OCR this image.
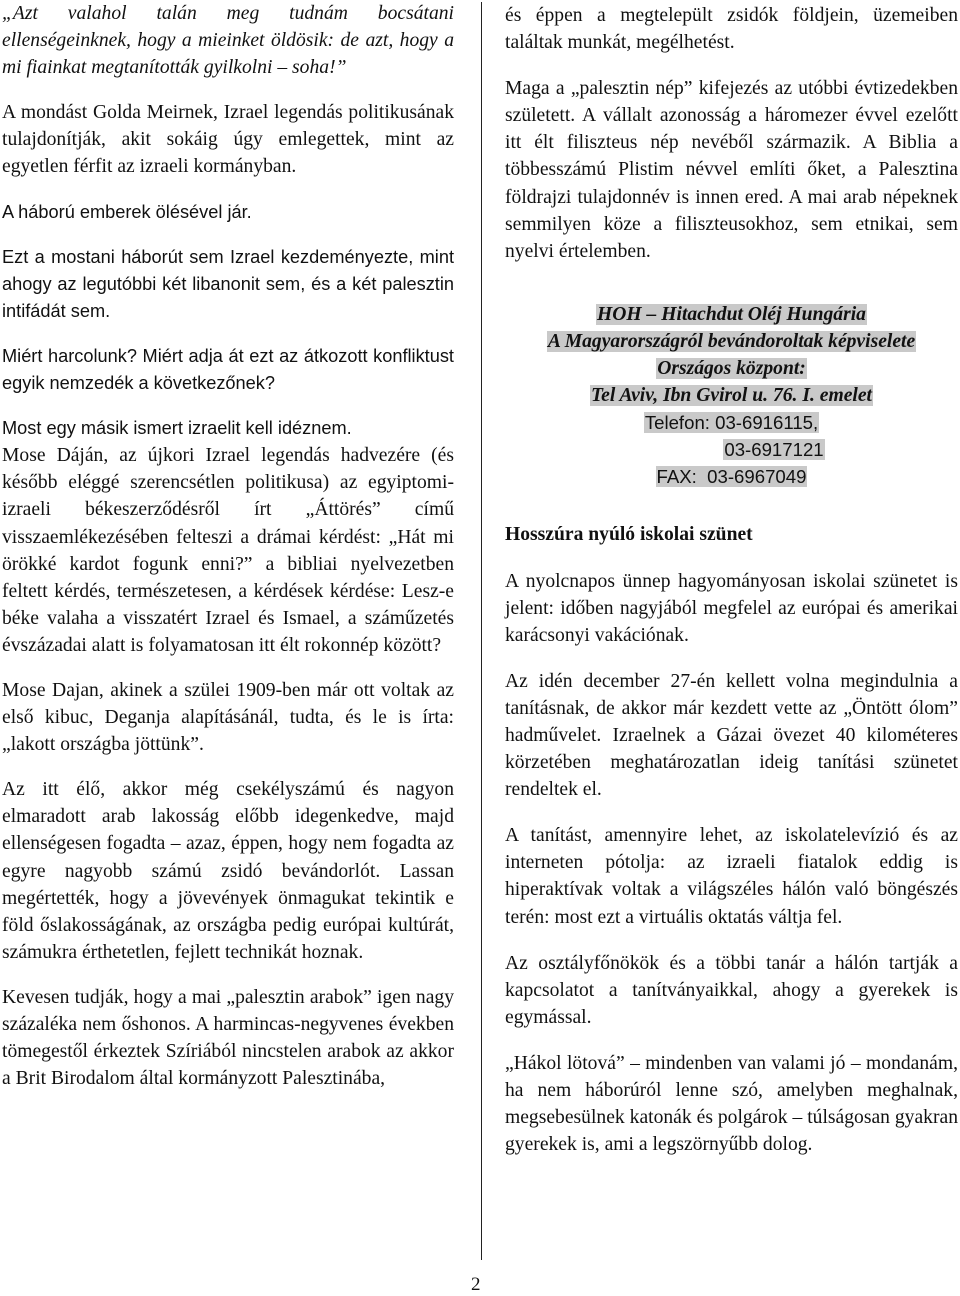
„Azt valahol talán meg tudnám bocsátani ellenségeinknek, hogy a mieinket öldösik: de azt, hogy a mi fiainkat megtanították gyilkolni – soha!”

A mondást Golda Meirnek, Izrael legendás politikusának tulajdonítják, akit sokáig úgy emlegettek, mint az egyetlen férfit az izraeli kormányban.

A háború emberek ölésével jár.

Ezt a mostani háborút sem Izrael kezdeményezte, mint ahogy az legutóbbi két libanonit sem, és a két palesztin intifádát sem.

Miért harcolunk? Miért adja át ezt az átkozott konfliktust egyik nemzedék a következőnek?

Most egy másik ismert izraelit kell idéznem.

Mose Dáján, az újkori Izrael legendás hadvezére (és később eléggé szerencsétlen politikusa) az egyiptomi-izraeli békeszerződésről írt „Áttörés” című visszaemlékezésében felteszi a drámai kérdést: „Hát mi örökké kardot fogunk enni?” a bibliai nyelvezetben feltett kérdés, természetesen, a kérdések kérdése: Lesz-e béke valaha a visszatért Izrael és Ismael, a száműzetés évszázadai alatt is folyamatosan itt élt rokonnép között?

Mose Dajan, akinek a szülei 1909-ben már ott voltak az első kibuc, Deganja alapításánál, tudta, és le is írta: „lakott országba jöttünk”.

Az itt élő, akkor még csekélyszámú és nagyon elmaradott arab lakosság előbb idegenkedve, majd ellenségesen fogadta – azaz, éppen, hogy nem fogadta az egyre nagyobb számú zsidó bevándorlót. Lassan megértették, hogy a jövevények önmagukat tekintik e föld őslakosságának, az országba pedig európai kultúrát, számukra érthetetlen, fejlett technikát hoznak.

Kevesen tudják, hogy a mai „palesztin arabok” igen nagy százaléka nem őshonos. A harmincas-negyvenes években tömegestől érkeztek Szíriából nincstelen arabok az akkor a Brit Birodalom által kormányzott Palesztinába,

és éppen a megtelepült zsidók földjein, üzemeiben találtak munkát, megélhetést.

Maga a „palesztin nép” kifejezés az utóbbi évtizedekben született. A vállalt azonosság a háromezer évvel ezelőtt itt élt filiszteus nép nevéből származik. A Biblia a többesszámú Plistim névvel említi őket, a Palesztina földrajzi tulajdonnév is innen ered. A mai arab népeknek semmilyen köze a filiszteusokhoz, sem etnikai, sem nyelvi értelemben.

HOH – Hitachdut Oléj Hungária
A Magyarországról bevándoroltak képviselete
Országos központ:
Tel Aviv, Ibn Gvirol u. 76. I. emelet
Telefon: 03-6916115,
03-6917121
FAX:  03-6967049
Hosszúra nyúló iskolai szünet

A nyolcnapos ünnep hagyományosan iskolai szünetet is jelent: időben nagyjából megfelel az európai és amerikai karácsonyi vakációnak.

Az idén december 27-én kellett volna megindulnia a tanításnak, de akkor már kezdett vette az „Öntött ólom” hadművelet. Izraelnek a Gázai övezet 40 kilométeres körzetében meghatározatlan ideig tanítási szünetet rendeltek el.

A tanítást, amennyire lehet, az iskolatelevízió és az interneten pótolja: az izraeli fiatalok eddig is hiperaktívak voltak a világszéles hálón való böngészés terén: most ezt a virtuális oktatás váltja fel.

Az osztályfőnökök és a többi tanár a hálón tartják a kapcsolatot a tanítványaikkal, ahogy a gyerekek is egymással.

„Hákol lötová” – mindenben van valami jó – mondanám, ha nem háborúról lenne szó, amelyben meghalnak, megsebesülnek katonák és polgárok – túlságosan gyakran gyerekek is, ami a legszörnyűbb dolog.

2
